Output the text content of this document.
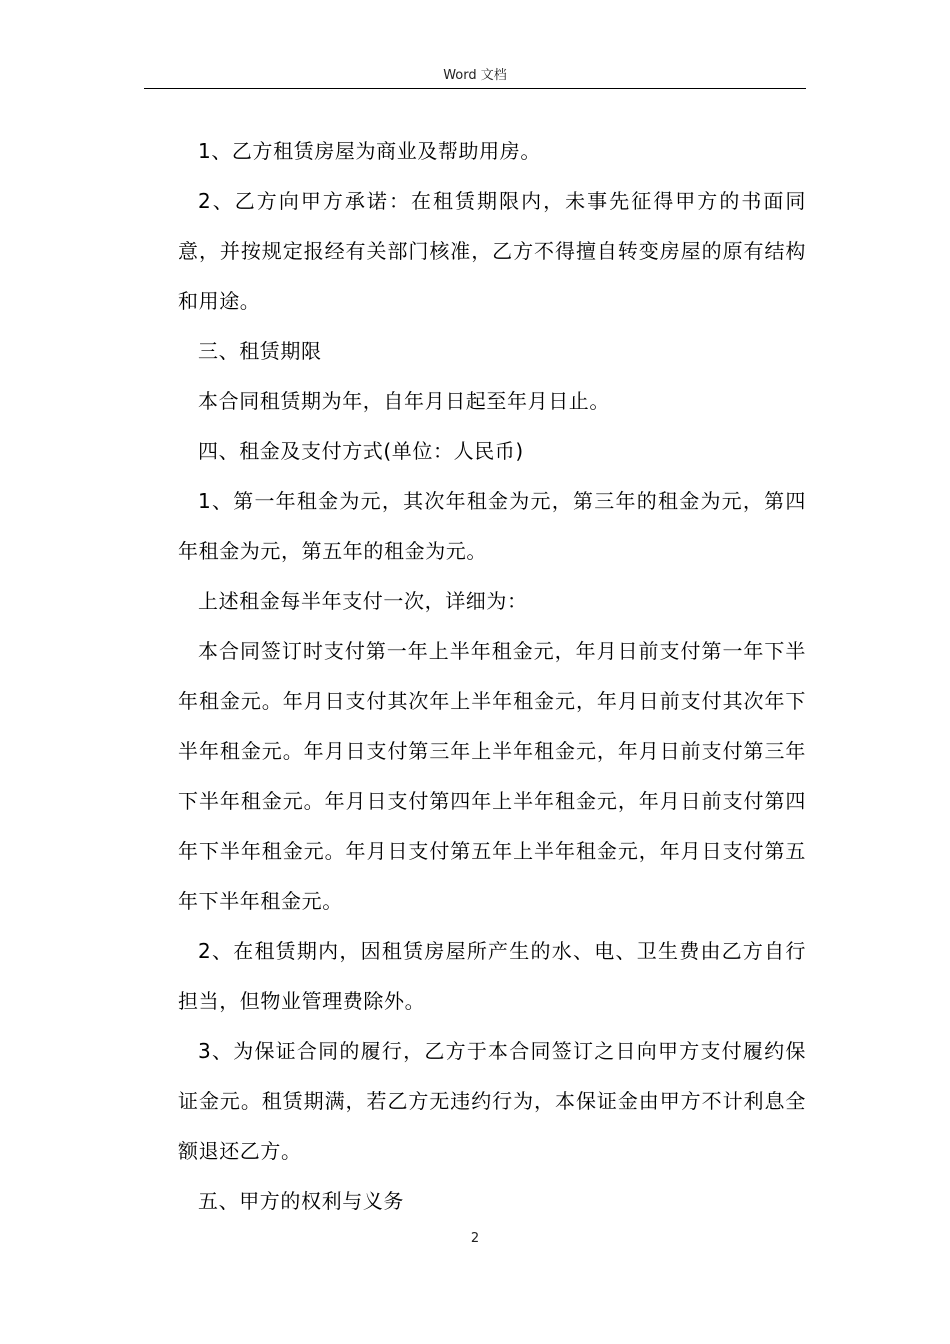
Word 文档

1、乙方租赁房屋为商业及帮助用房。

2、乙方向甲方承诺：在租赁期限内，未事先征得甲方的书面同意，并按规定报经有关部门核准，乙方不得擅自转变房屋的原有结构和用途。

三、租赁期限

本合同租赁期为年，自年月日起至年月日止。

四、租金及支付方式(单位：人民币)

1、第一年租金为元，其次年租金为元，第三年的租金为元，第四年租金为元，第五年的租金为元。

上述租金每半年支付一次，详细为：

本合同签订时支付第一年上半年租金元，年月日前支付第一年下半年租金元。年月日支付其次年上半年租金元，年月日前支付其次年下半年租金元。年月日支付第三年上半年租金元，年月日前支付第三年下半年租金元。年月日支付第四年上半年租金元，年月日前支付第四年下半年租金元。年月日支付第五年上半年租金元，年月日支付第五年下半年租金元。

2、在租赁期内，因租赁房屋所产生的水、电、卫生费由乙方自行担当，但物业管理费除外。

3、为保证合同的履行，乙方于本合同签订之日向甲方支付履约保证金元。租赁期满，若乙方无违约行为，本保证金由甲方不计利息全额退还乙方。

五、甲方的权利与义务

2
